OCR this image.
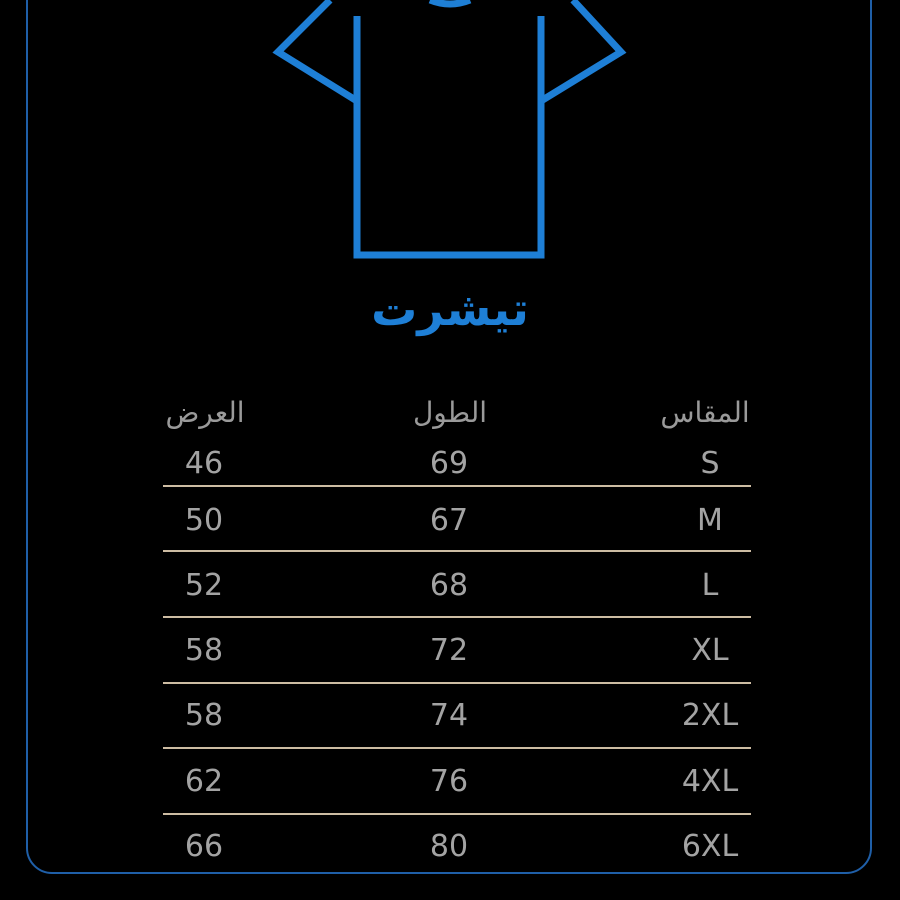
تيشرت
المقاس
الطول
العرض
S
69
46
M
67
50
L
68
52
XL
72
58
2XL
74
58
4XL
76
62
6XL
80
66
